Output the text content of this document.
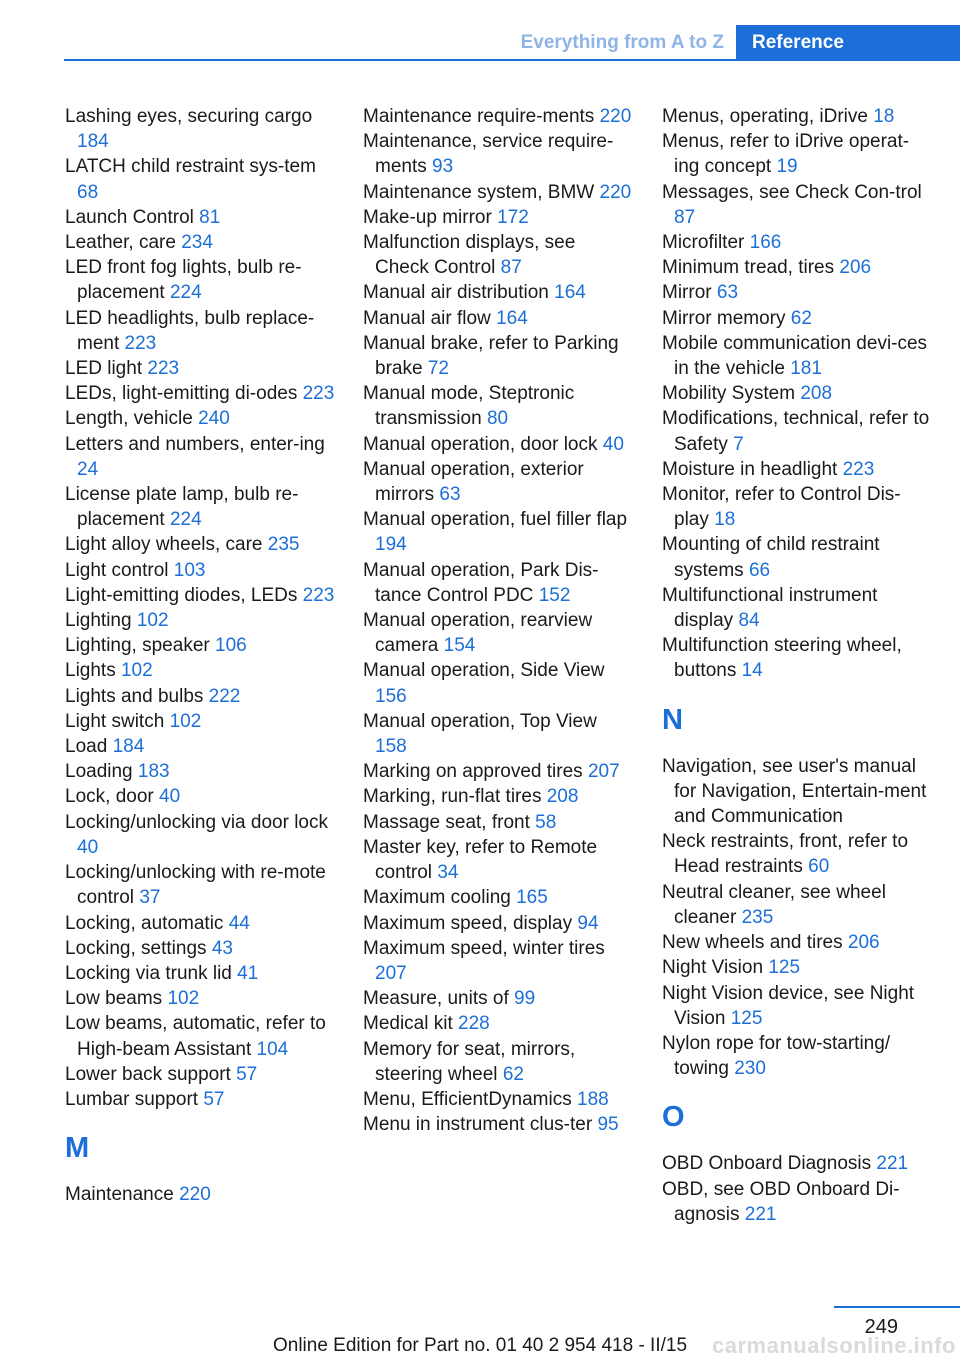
Everything from A to Z	Reference

Lashing eyes, securing cargo 184

LATCH child restraint sys-tem 68

Launch Control 81

Leather, care 234

LED front fog lights, bulb re-placement 224

LED headlights, bulb replace-ment 223

LED light 223

LEDs, light-emitting di-odes 223

Length, vehicle 240

Letters and numbers, enter-ing 24

License plate lamp, bulb re-placement 224

Light alloy wheels, care 235

Light control 103

Light-emitting diodes, LEDs 223

Lighting 102

Lighting, speaker 106

Lights 102

Lights and bulbs 222

Light switch 102

Load 184

Loading 183

Lock, door 40

Locking/unlocking via door lock 40

Locking/unlocking with re-mote control 37

Locking, automatic 44

Locking, settings 43

Locking via trunk lid 41

Low beams 102

Low beams, automatic, refer to High-beam Assistant 104

Lower back support 57

Lumbar support 57

M

Maintenance 220

Maintenance require-ments 220

Maintenance, service require-ments 93

Maintenance system, BMW 220

Make-up mirror 172

Malfunction displays, see Check Control 87

Manual air distribution 164

Manual air flow 164

Manual brake, refer to Parking brake 72

Manual mode, Steptronic transmission 80

Manual operation, door lock 40

Manual operation, exterior mirrors 63

Manual operation, fuel filler flap 194

Manual operation, Park Dis-tance Control PDC 152

Manual operation, rearview camera 154

Manual operation, Side View 156

Manual operation, Top View 158

Marking on approved tires 207

Marking, run-flat tires 208

Massage seat, front 58

Master key, refer to Remote control 34

Maximum cooling 165

Maximum speed, display 94

Maximum speed, winter tires 207

Measure, units of 99

Medical kit 228

Memory for seat, mirrors, steering wheel 62

Menu, EfficientDynamics 188

Menu in instrument clus-ter 95

Menus, operating, iDrive 18

Menus, refer to iDrive operat-ing concept 19

Messages, see Check Con-trol 87

Microfilter 166

Minimum tread, tires 206

Mirror 63

Mirror memory 62

Mobile communication devi-ces in the vehicle 181

Mobility System 208

Modifications, technical, refer to Safety 7

Moisture in headlight 223

Monitor, refer to Control Dis-play 18

Mounting of child restraint systems 66

Multifunctional instrument display 84

Multifunction steering wheel, buttons 14

N

Navigation, see user's manual for Navigation, Entertain-ment and Communication

Neck restraints, front, refer to Head restraints 60

Neutral cleaner, see wheel cleaner 235

New wheels and tires 206

Night Vision 125

Night Vision device, see Night Vision 125

Nylon rope for tow-starting/ towing 230

O

OBD Onboard Diagnosis 221

OBD, see OBD Onboard Di-agnosis 221

249
Online Edition for Part no. 01 40 2 954 418 - II/15	carmanualsonline.info
